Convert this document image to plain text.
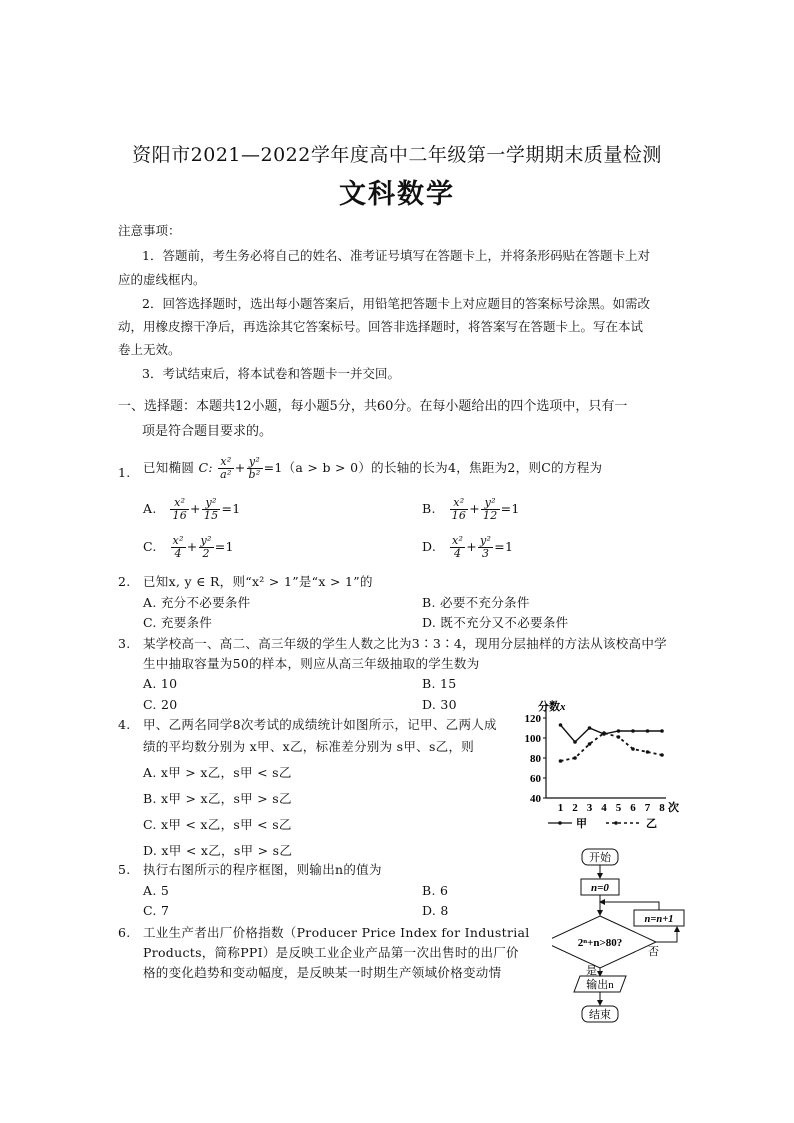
资阳市2021—2022学年度高中二年级第一学期期末质量检测
文科数学
注意事项：
1．答题前，考生务必将自己的姓名、准考证号填写在答题卡上，并将条形码贴在答题卡上对
应的虚线框内。
2．回答选择题时，选出每小题答案后，用铅笔把答题卡上对应题目的答案标号涂黑。如需改
动，用橡皮擦干净后，再选涂其它答案标号。回答非选择题时，将答案写在答题卡上。写在本试
卷上无效。
3．考试结束后，将本试卷和答题卡一并交回。
一、选择题：本题共12小题，每小题5分，共60分。在每小题给出的四个选项中，只有一
项是符合题目要求的。
1. 已知椭圆 C: $\frac{\text{x²}}{\text{a²}} + \frac{\text{y²}}{\text{b²}} =1(a > b > 0)$的长轴的长为4，焦距为2，则C的方程为
A. $\frac{\text{x²}}{16} + \frac{\text{y²}}{15} =1$	B. $\frac{\text{x²}}{16} + \frac{\text{y²}}{12} =1$
C. $\frac{\text{x²}}{4} + \frac{\text{y²}}{2} =1$	D. $\frac{\text{x²}}{4} + \frac{\text{y²}}{3} =1$
2. 已知x, y ∈ R，则“x² > 1”是“x > 1”的
A. 充分不必要条件	B. 必要不充分条件
C. 充要条件	D. 既不充分又不必要条件
3. 某学校高一、高二、高三年级的学生人数之比为3∶3∶4，现用分层抽样的方法从该校高中学
生中抽取容量为50的样本，则应从高三年级抽取的学生数为
A. 10	B. 15
C. 20	D. 30
4. 甲、乙两名同学8次考试的成绩统计如图所示，记甲、乙两人成
绩的平均数分别为 x甲、x乙，标准差分别为 s甲、s乙，则
A. x甲 > x乙，s甲 < s乙
B. x甲 > x乙，s甲 > s乙
C. x甲 < x乙，s甲 < s乙
D. x甲 < x乙，s甲 > s乙
分数 x
40
60
80
100
120
1 2 3 4 5 6 7 8 次
甲	乙
5. 执行右图所示的程序框图，则输出n的值为
A. 5	B. 6
C. 7	D. 8
6. 工业生产者出厂价格指数（Producer Price Index for Industrial
Products，简称PPI）是反映工业企业产品第一次出售时的出厂价
格的变化趋势和变动幅度，是反映某一时期生产领域价格变动情
开始
n=0
2ⁿ+n>80?
n=n+1
否
是
输出n
结束
